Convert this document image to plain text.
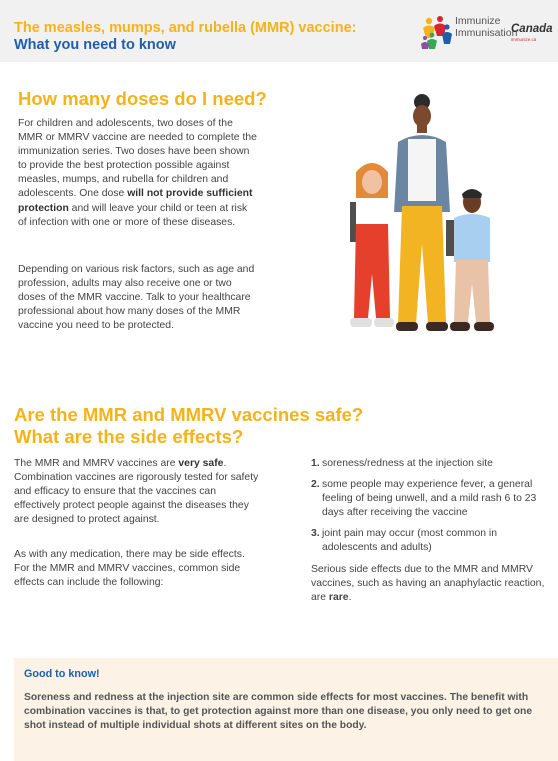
The measles, mumps, and rubella (MMR) vaccine:
What you need to know
Immunize
Immunisation
Canada
immunize.ca
How many doses do I need?
For children and adolescents, two doses of the MMR or MMRV vaccine are needed to complete the immunization series. Two doses have been shown to provide the best protection possible against measles, mumps, and rubella for children and adolescents. One dose will not provide sufficient protection and will leave your child or teen at risk of infection with one or more of these diseases.
Depending on various risk factors, such as age and profession, adults may also receive one or two doses of the MMR vaccine. Talk to your healthcare professional about how many doses of the MMR vaccine you need to be protected.
Are the MMR and MMRV vaccines safe?
What are the side effects?
The MMR and MMRV vaccines are very safe. Combination vaccines are rigorously tested for safety and efficacy to ensure that the vaccines can effectively protect people against the diseases they are designed to protect against.
As with any medication, there may be side effects. For the MMR and MMRV vaccines, common side effects can include the following:
1. soreness/redness at the injection site
2. some people may experience fever, a general feeling of being unwell, and a mild rash 6 to 23 days after receiving the vaccine
3. joint pain may occur (most common in adolescents and adults)
Serious side effects due to the MMR and MMRV vaccines, such as having an anaphylactic reaction, are rare.
Good to know!
Soreness and redness at the injection site are common side effects for most vaccines. The benefit with combination vaccines is that, to get protection against more than one disease, you only need to get one shot instead of multiple individual shots at different sites on the body.
